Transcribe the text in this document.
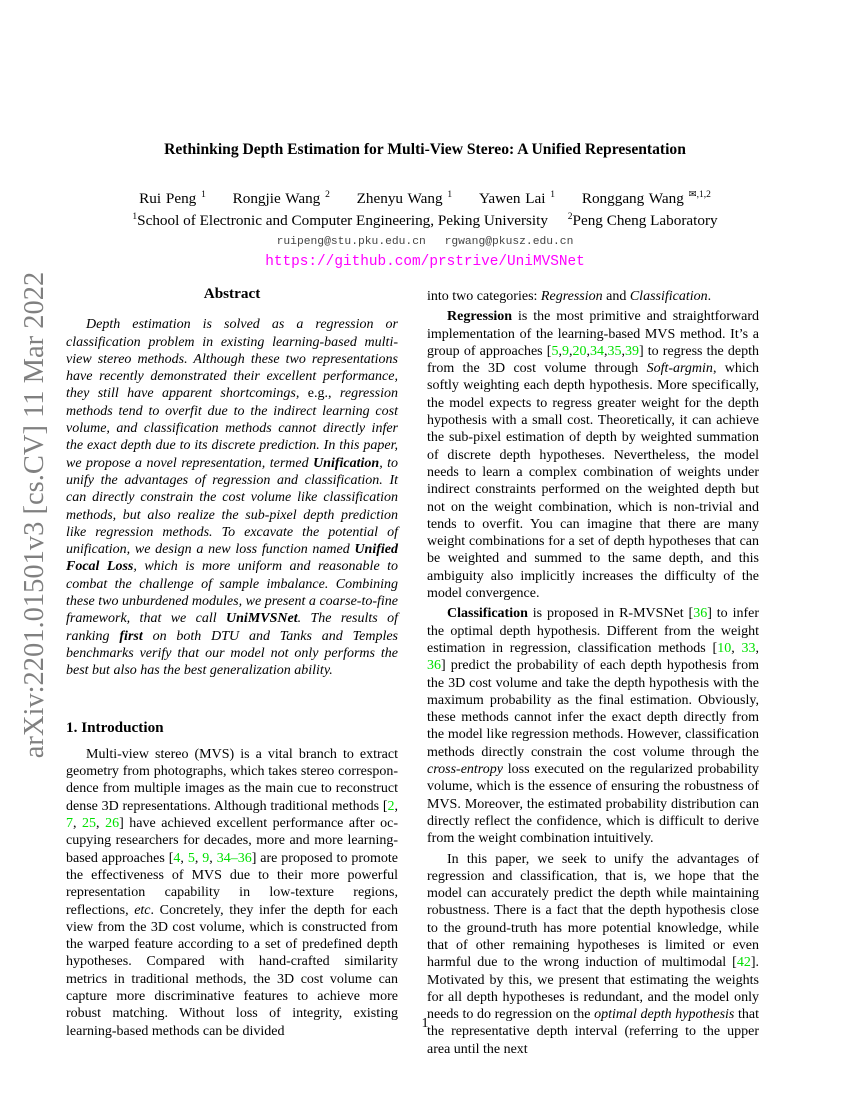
arXiv:2201.01501v3 [cs.CV] 11 Mar 2022
Rethinking Depth Estimation for Multi-View Stereo: A Unified Representation
Rui Peng $^1$ Rongjie Wang $^2$ Zhenyu Wang $^1$ Yawen Lai $^1$ Ronggang Wang $^{✉,1,2}$
$^1$School of Electronic and Computer Engineering, Peking University $^2$Peng Cheng Laboratory
ruipeng@stu.pku.edu.cn rgwang@pkusz.edu.cn
https://github.com/prstrive/UniMVSNet
Abstract

Depth estimation is solved as a regression or classification problem in existing learning-based multi-view stereo methods. Although these two representations have recently demonstrated their excellent performance, they still have apparent shortcomings, e.g., regression methods tend to overfit due to the indirect learning cost volume, and classification methods cannot directly infer the exact depth due to its discrete prediction. In this paper, we propose a novel representation, termed Unification, to unify the advantages of regression and classification. It can directly constrain the cost volume like classification methods, but also realize the sub-pixel depth prediction like regression methods. To excavate the potential of unification, we design a new loss function named Unified Focal Loss, which is more uniform and reasonable to combat the challenge of sample imbalance. Combining these two unburdened modules, we present a coarse-to-fine framework, that we call UniMVSNet. The results of ranking first on both DTU and Tanks and Temples benchmarks verify that our model not only performs the best but also has the best generalization ability.

1. Introduction

Multi-view stereo (MVS) is a vital branch to extract geometry from photographs, which takes stereo correspondence from multiple images as the main cue to reconstruct dense 3D representations. Although traditional methods [2, 7, 25, 26] have achieved excellent performance after occupying researchers for decades, more and more learning-based approaches [4, 5, 9, 34–36] are proposed to promote the effectiveness of MVS due to their more powerful representation capability in low-texture regions, reflections, etc. Concretely, they infer the depth for each view from the 3D cost volume, which is constructed from the warped feature according to a set of predefined depth hypotheses. Compared with hand-crafted similarity metrics in traditional methods, the 3D cost volume can capture more discriminative features to achieve more robust matching. Without loss of integrity, existing learning-based methods can be divided

into two categories: Regression and Classification.

Regression is the most primitive and straightforward implementation of the learning-based MVS method. It’s a group of approaches [5,9,20,34,35,39] to regress the depth from the 3D cost volume through Soft-argmin, which softly weighting each depth hypothesis. More specifically, the model expects to regress greater weight for the depth hypothesis with a small cost. Theoretically, it can achieve the sub-pixel estimation of depth by weighted summation of discrete depth hypotheses. Nevertheless, the model needs to learn a complex combination of weights under indirect constraints performed on the weighted depth but not on the weight combination, which is non-trivial and tends to overfit. You can imagine that there are many weight combinations for a set of depth hypotheses that can be weighted and summed to the same depth, and this ambiguity also implicitly increases the difficulty of the model convergence.

Classification is proposed in R-MVSNet [36] to infer the optimal depth hypothesis. Different from the weight estimation in regression, classification methods [10, 33, 36] predict the probability of each depth hypothesis from the 3D cost volume and take the depth hypothesis with the maximum probability as the final estimation. Obviously, these methods cannot infer the exact depth directly from the model like regression methods. However, classification methods directly constrain the cost volume through the cross-entropy loss executed on the regularized probability volume, which is the essence of ensuring the robustness of MVS. Moreover, the estimated probability distribution can directly reflect the confidence, which is difficult to derive from the weight combination intuitively.

In this paper, we seek to unify the advantages of regression and classification, that is, we hope that the model can accurately predict the depth while maintaining robustness. There is a fact that the depth hypothesis close to the ground-truth has more potential knowledge, while that of other remaining hypotheses is limited or even harmful due to the wrong induction of multimodal [42]. Motivated by this, we present that estimating the weights for all depth hypotheses is redundant, and the model only needs to do regression on the optimal depth hypothesis that the representative depth interval (referring to the upper area until the next

1
